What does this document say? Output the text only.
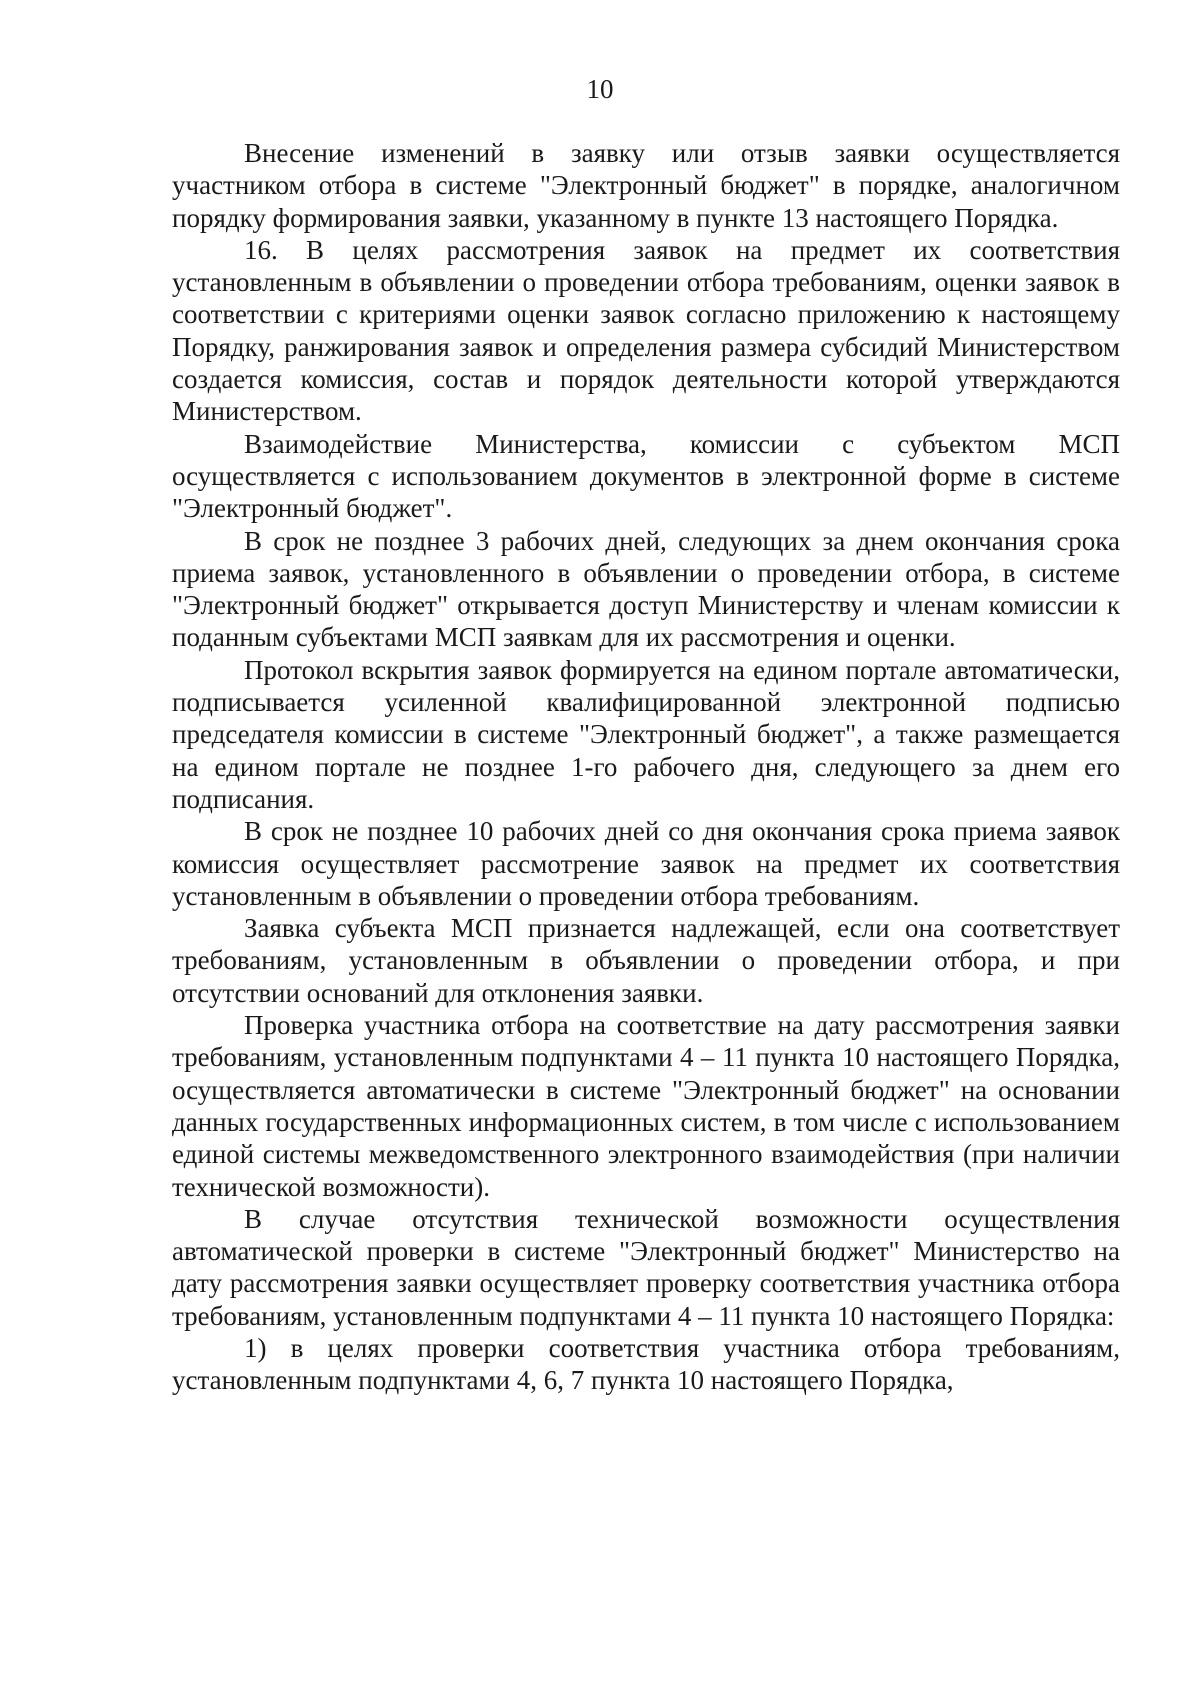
10

Внесение изменений в заявку или отзыв заявки осуществляется участником отбора в системе "Электронный бюджет" в порядке, аналогичном порядку формирования заявки, указанному в пункте 13 настоящего Порядка.

16. В целях рассмотрения заявок на предмет их соответствия установленным в объявлении о проведении отбора требованиям, оценки заявок в соответствии с критериями оценки заявок согласно приложению к настоящему Порядку, ранжирования заявок и определения размера субсидий Министерством создается комиссия, состав и порядок деятельности которой утверждаются Министерством.

Взаимодействие Министерства, комиссии с субъектом МСП осуществляется с использованием документов в электронной форме в системе "Электронный бюджет".

В срок не позднее 3 рабочих дней, следующих за днем окончания срока приема заявок, установленного в объявлении о проведении отбора, в системе "Электронный бюджет" открывается доступ Министерству и членам комиссии к поданным субъектами МСП заявкам для их рассмотрения и оценки.

Протокол вскрытия заявок формируется на едином портале автоматически, подписывается усиленной квалифицированной электронной подписью председателя комиссии в системе "Электронный бюджет", а также размещается на едином портале не позднее 1-го рабочего дня, следующего за днем его подписания.

В срок не позднее 10 рабочих дней со дня окончания срока приема заявок комиссия осуществляет рассмотрение заявок на предмет их соответствия установленным в объявлении о проведении отбора требованиям.

Заявка субъекта МСП признается надлежащей, если она соответствует требованиям, установленным в объявлении о проведении отбора, и при отсутствии оснований для отклонения заявки.

Проверка участника отбора на соответствие на дату рассмотрения заявки требованиям, установленным подпунктами 4 – 11 пункта 10 настоящего Порядка, осуществляется автоматически в системе "Электронный бюджет" на основании данных государственных информационных систем, в том числе с использованием единой системы межведомственного электронного взаимодействия (при наличии технической возможности).

В случае отсутствия технической возможности осуществления автоматической проверки в системе "Электронный бюджет" Министерство на дату рассмотрения заявки осуществляет проверку соответствия участника отбора требованиям, установленным подпунктами 4 – 11 пункта 10 настоящего Порядка:

1) в целях проверки соответствия участника отбора требованиям, установленным подпунктами 4, 6, 7 пункта 10 настоящего Порядка,
